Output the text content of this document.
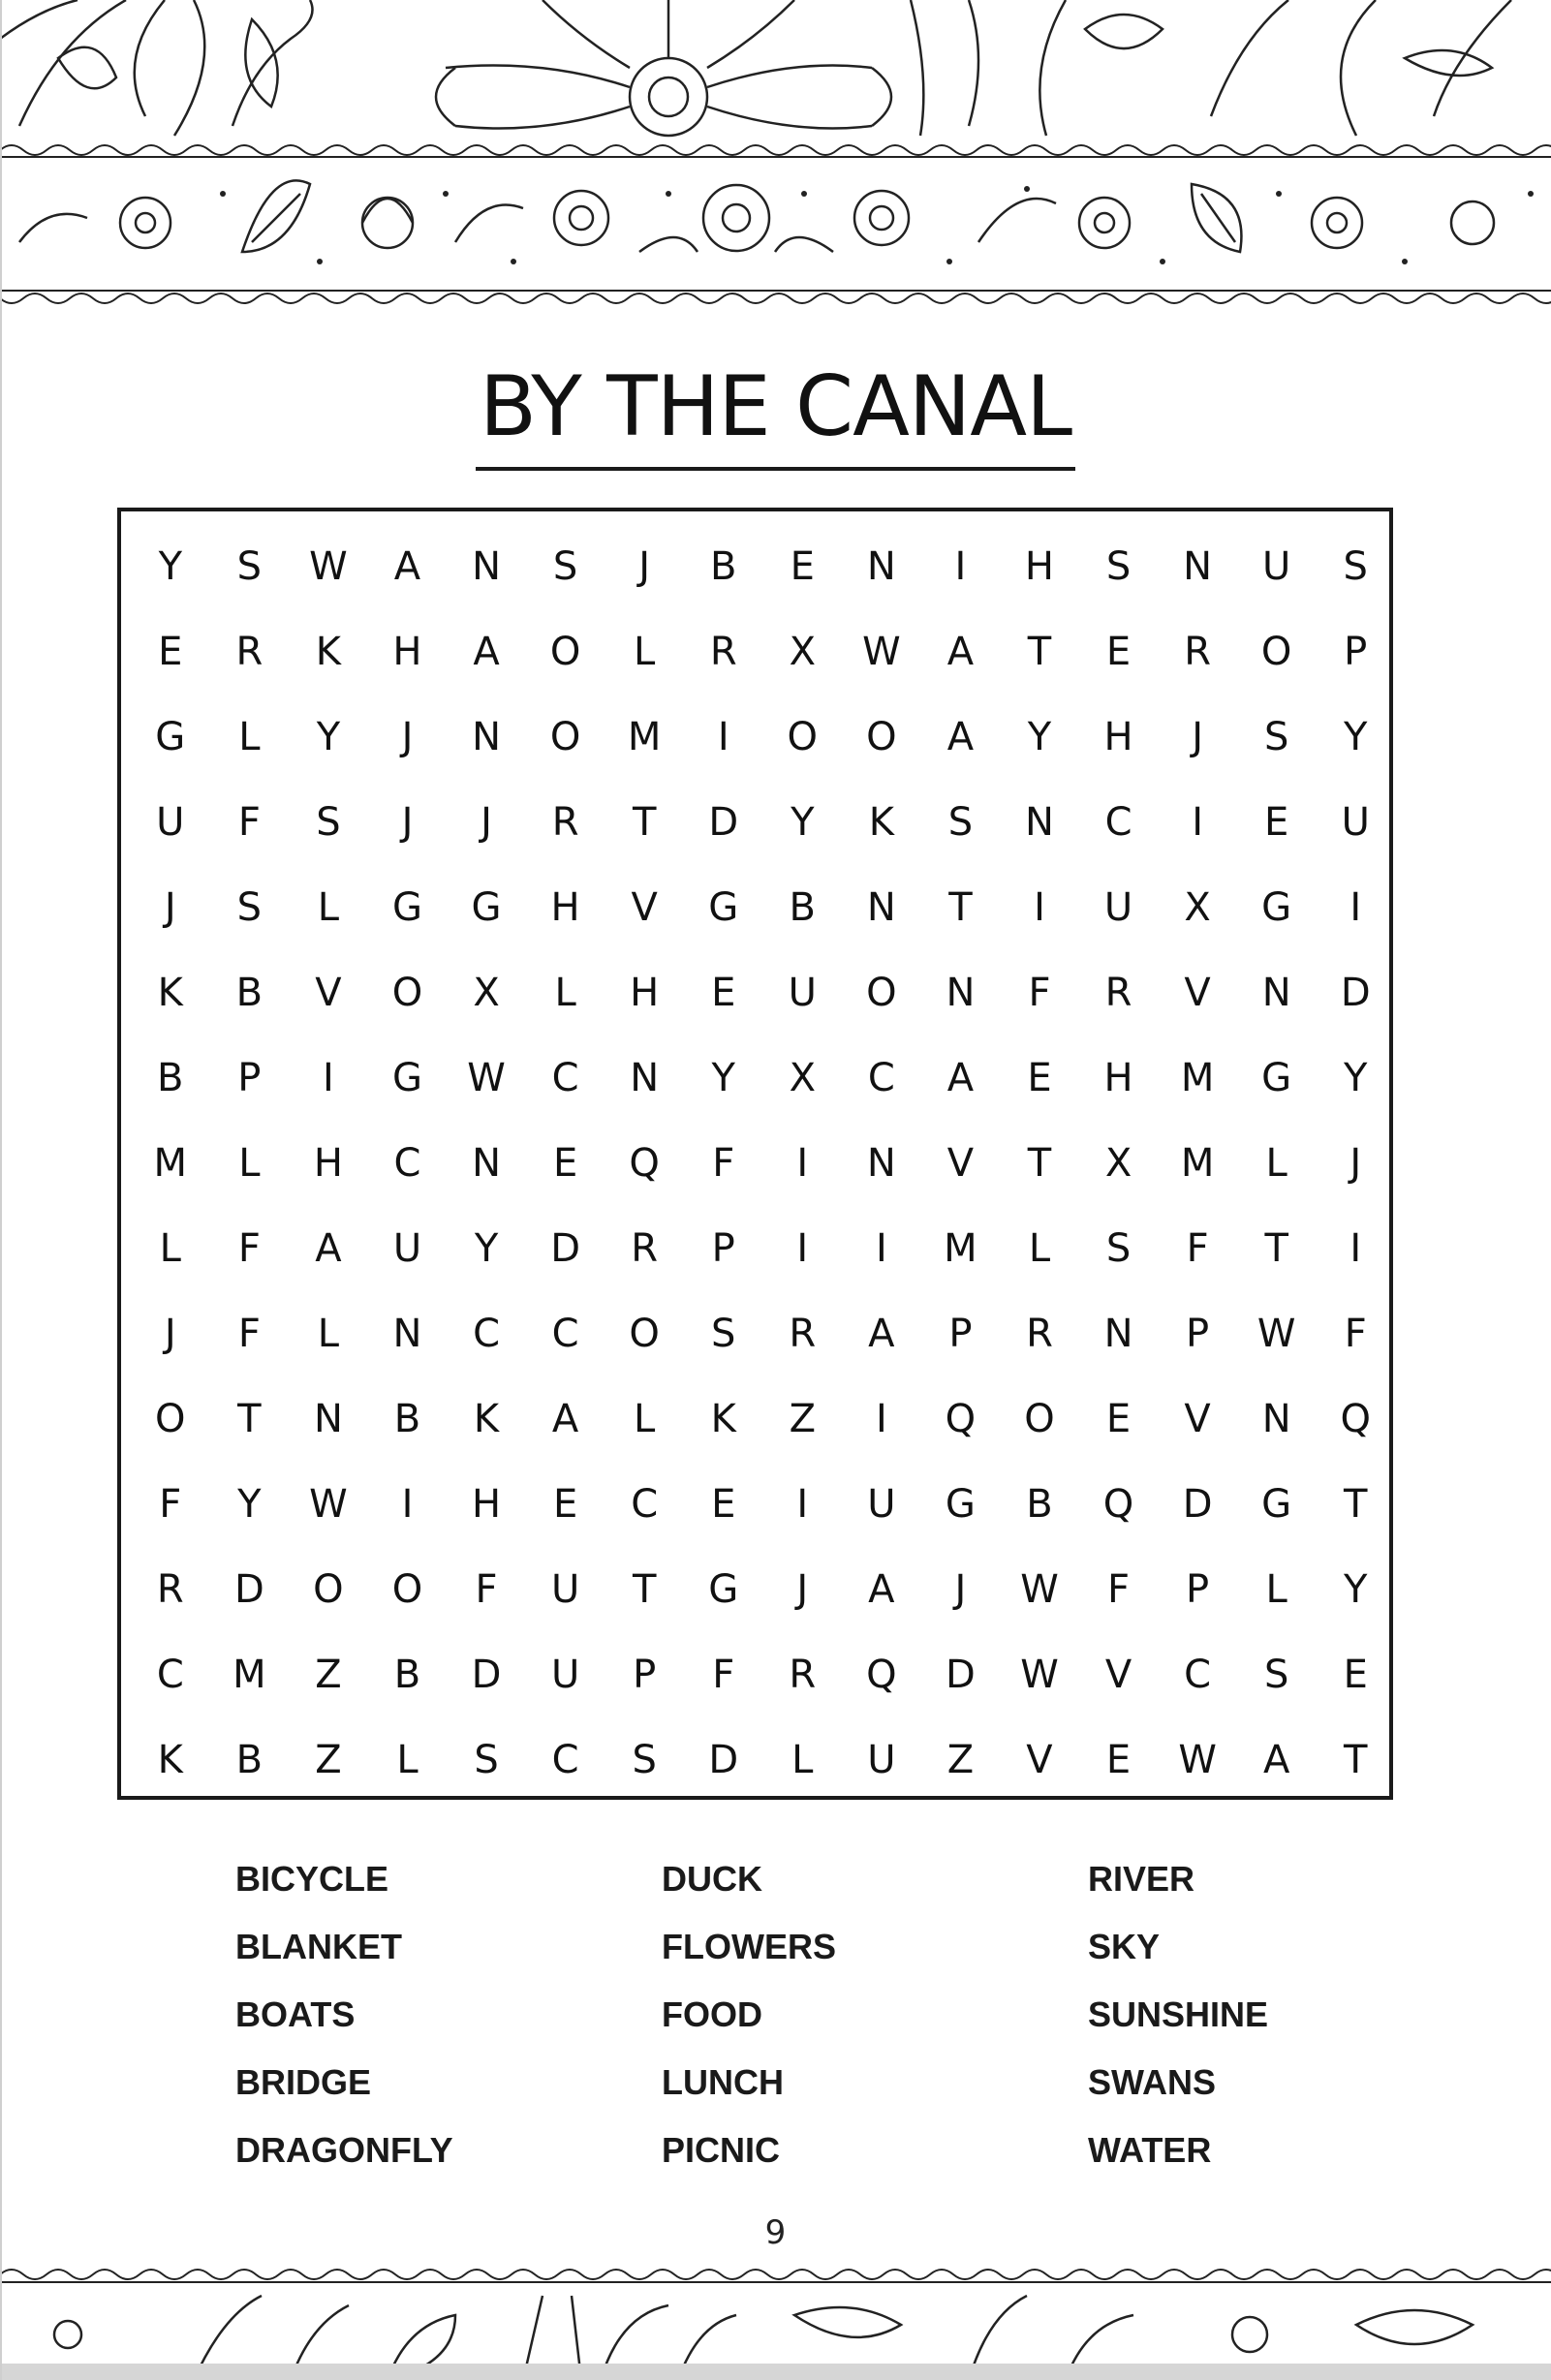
BY THE CANAL
Y	S	W	A	N	S	J	B	E	N	I	H	S	N	U	S
E	R	K	H	A	O	L	R	X	W	A	T	E	R	O	P
G	L	Y	J	N	O	M	I	O	O	A	Y	H	J	S	Y
U	F	S	J	J	R	T	D	Y	K	S	N	C	I	E	U
J	S	L	G	G	H	V	G	B	N	T	I	U	X	G	I
K	B	V	O	X	L	H	E	U	O	N	F	R	V	N	D
B	P	I	G	W	C	N	Y	X	C	A	E	H	M	G	Y
M	L	H	C	N	E	Q	F	I	N	V	T	X	M	L	J
L	F	A	U	Y	D	R	P	I	I	M	L	S	F	T	I
J	F	L	N	C	C	O	S	R	A	P	R	N	P	W	F
O	T	N	B	K	A	L	K	Z	I	Q	O	E	V	N	Q
F	Y	W	I	H	E	C	E	I	U	G	B	Q	D	G	T
R	D	O	O	F	U	T	G	J	A	J	W	F	P	L	Y
C	M	Z	B	D	U	P	F	R	Q	D	W	V	C	S	E
K	B	Z	L	S	C	S	D	L	U	Z	V	E	W	A	T
BICYCLE
BLANKET
BOATS
BRIDGE
DRAGONFLY
DUCK
FLOWERS
FOOD
LUNCH
PICNIC
RIVER
SKY
SUNSHINE
SWANS
WATER
9
